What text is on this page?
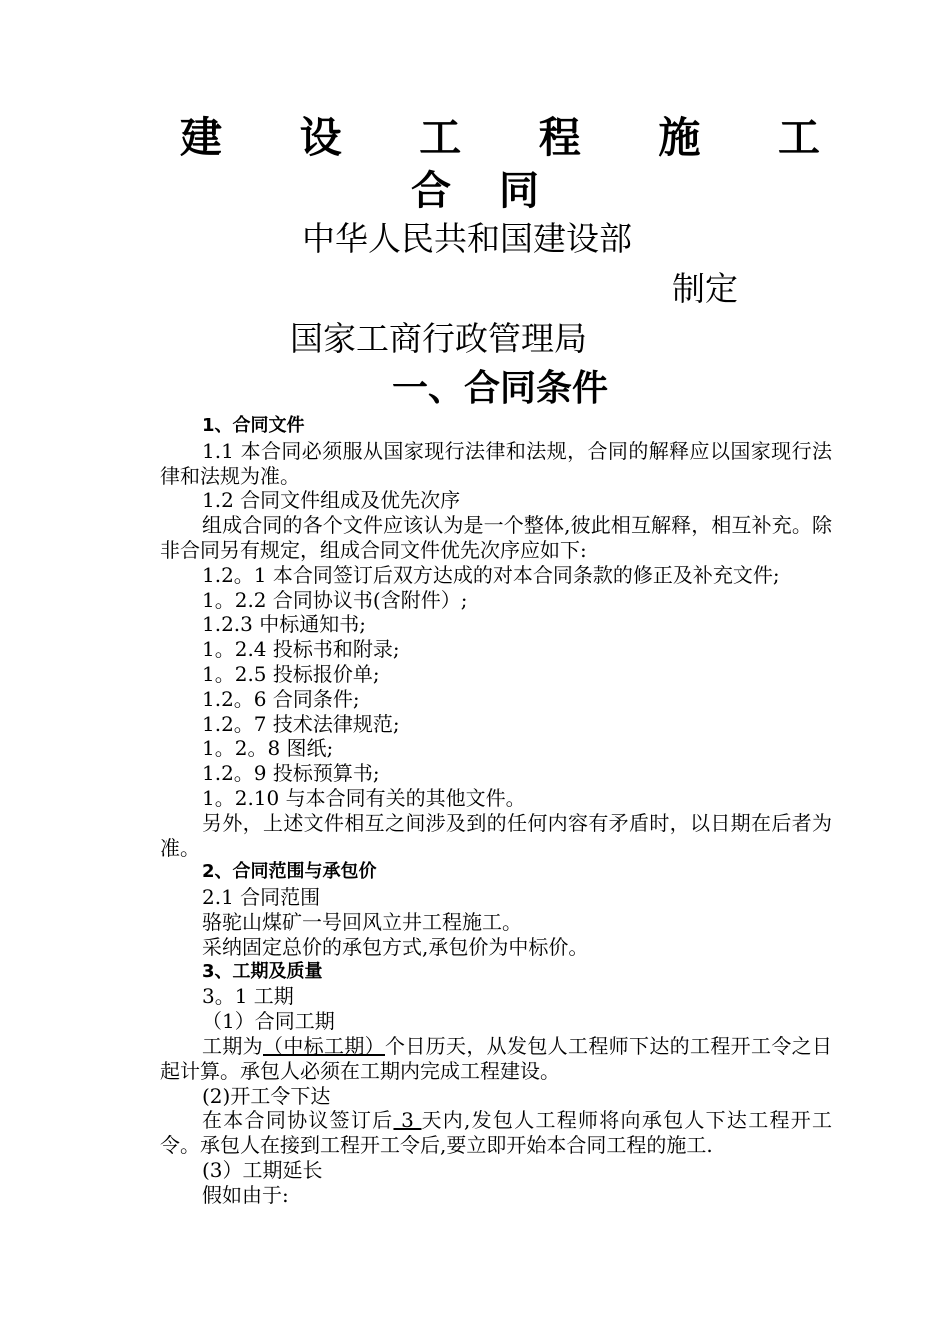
建 设 工 程 施 工
合同
中华人民共和国建设部
制定
国家工商行政管理局
一、合同条件

1、合同文件

1.1 本合同必须服从国家现行法律和法规，合同的解释应以国家现行法律和法规为准。

1.2 合同文件组成及优先次序

组成合同的各个文件应该认为是一个整体,彼此相互解释，相互补充。除非合同另有规定，组成合同文件优先次序应如下:

1.2。1 本合同签订后双方达成的对本合同条款的修正及补充文件;

1。2.2 合同协议书(含附件）;

1.2.3 中标通知书;

1。2.4 投标书和附录;

1。2.5 投标报价单;

1.2。6 合同条件;

1.2。7 技术法律规范;

1。2。8 图纸;

1.2。9 投标预算书;

1。2.10 与本合同有关的其他文件。

另外，上述文件相互之间涉及到的任何内容有矛盾时，以日期在后者为准。

2、合同范围与承包价

2.1 合同范围

骆驼山煤矿一号回风立井工程施工。

采纳固定总价的承包方式,承包价为中标价。

3、工期及质量

3。1 工期

（1）合同工期

工期为（中标工期）个日历天，从发包人工程师下达的工程开工令之日起计算。承包人必须在工期内完成工程建设。

(2)开工令下达

在本合同协议签订后 3 天内,发包人工程师将向承包人下达工程开工令。承包人在接到工程开工令后,要立即开始本合同工程的施工.

(3）工期延长

假如由于:
